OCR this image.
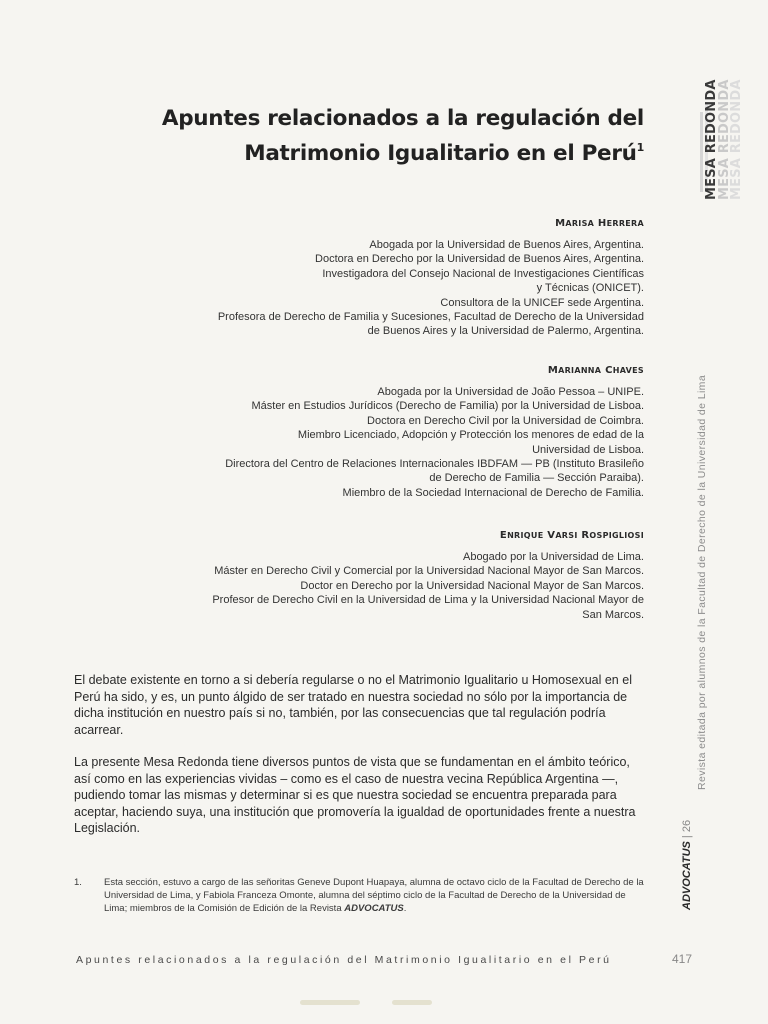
Apuntes relacionados a la regulación del
Matrimonio Igualitario en el Perú$^1$	MESA REDONDA
MESA REDONDA
MESA REDONDA
Revista editada por alumnos de la Facultad de Derecho de la Universidad de Lima
ADVOCATUS | 26
MARISA HERRERA
Abogada por la Universidad de Buenos Aires, Argentina.
Doctora en Derecho por la Universidad de Buenos Aires, Argentina.
Investigadora del Consejo Nacional de Investigaciones Científicas
y Técnicas (ONICET).
Consultora de la UNICEF sede Argentina.
Profesora de Derecho de Familia y Sucesiones, Facultad de Derecho de la Universidad
de Buenos Aires y la Universidad de Palermo, Argentina.
MARIANNA CHAVES
Abogada por la Universidad de João Pessoa – UNIPE.
Máster en Estudios Jurídicos (Derecho de Familia) por la Universidad de Lisboa.
Doctora en Derecho Civil por la Universidad de Coimbra.
Miembro Licenciado, Adopción y Protección los menores de edad de la
Universidad de Lisboa.
Directora del Centro de Relaciones Internacionales IBDFAM — PB (Instituto Brasileño
de Derecho de Familia — Sección Paraiba).
Miembro de la Sociedad Internacional de Derecho de Familia.
ENRIQUE VARSI ROSPIGLIOSI
Abogado por la Universidad de Lima.
Máster en Derecho Civil y Comercial por la Universidad Nacional Mayor de San Marcos.
Doctor en Derecho por la Universidad Nacional Mayor de San Marcos.
Profesor de Derecho Civil en la Universidad de Lima y la Universidad Nacional Mayor de
San Marcos.

El debate existente en torno a si debería regularse o no el Matrimonio Igualitario u Homosexual en el Perú ha sido, y es, un punto álgido de ser tratado en nuestra sociedad no sólo por la importancia de dicha institución en nuestro país si no, también, por las consecuencias que tal regulación podría acarrear.

La presente Mesa Redonda tiene diversos puntos de vista que se fundamentan en el ámbito teórico, así como en las experiencias vividas – como es el caso de nuestra vecina República Argentina —, pudiendo tomar las mismas y determinar si es que nuestra sociedad se encuentra preparada para aceptar, haciendo suya, una institución que promovería la igualdad de oportunidades frente a nuestra Legislación.

1. Esta sección, estuvo a cargo de las señoritas Geneve Dupont Huapaya, alumna de octavo ciclo de la Facultad de Derecho de la Universidad de Lima, y Fabiola Franceza Omonte, alumna del séptimo ciclo de la Facultad de Derecho de la Universidad de Lima; miembros de la Comisión de Edición de la Revista ADVOCATUS.
Apuntes relacionados a la regulación del Matrimonio Igualitario en el Perú	417
